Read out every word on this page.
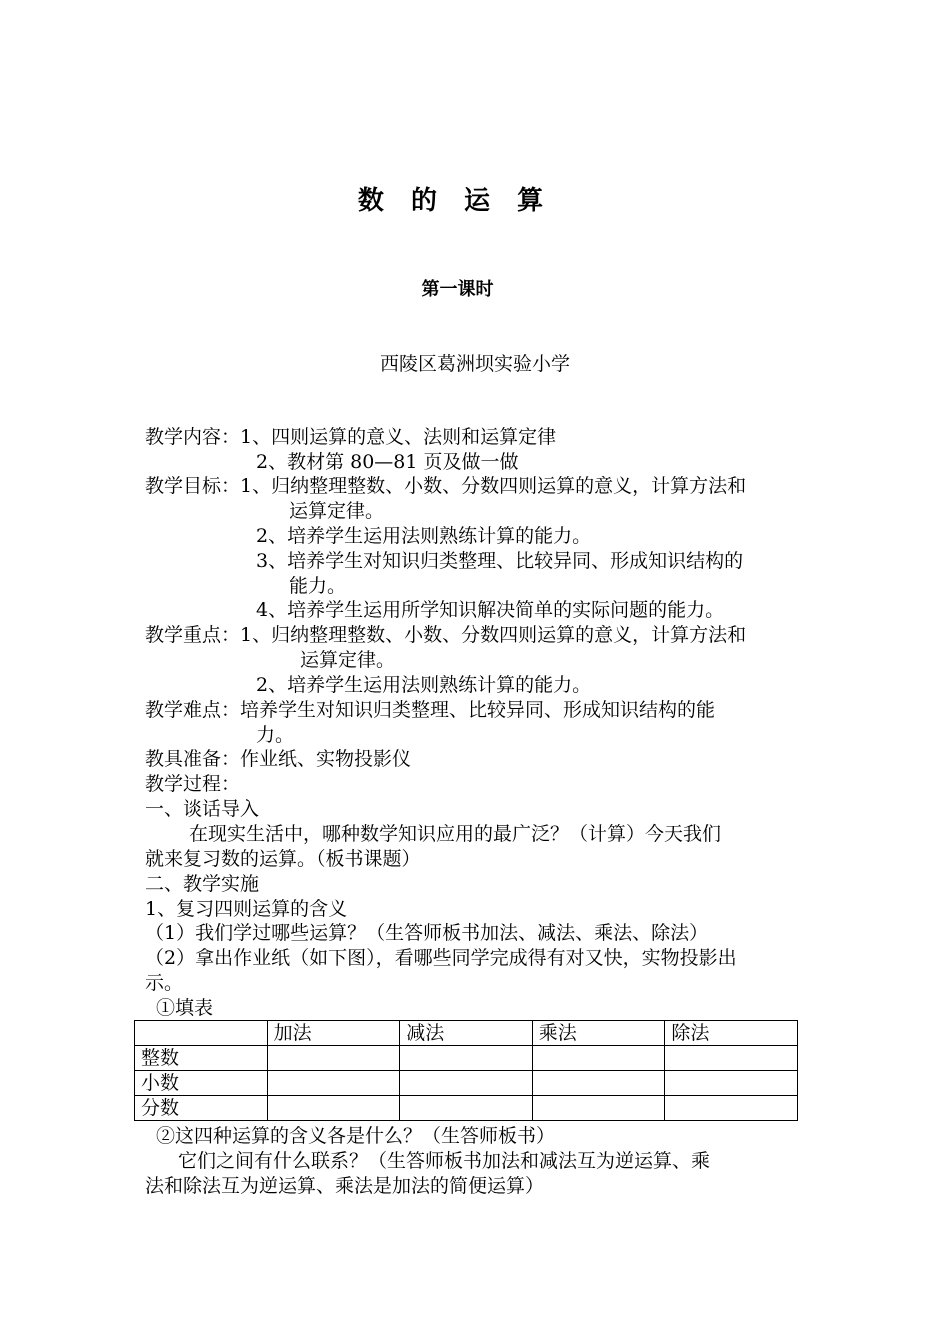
数 的 运 算
第一课时
西陵区葛洲坝实验小学
教学内容：1、四则运算的意义、法则和运算定律
2、教材第 80—81 页及做一做
教学目标：1、归纳整理整数、小数、分数四则运算的意义，计算方法和
运算定律。
2、培养学生运用法则熟练计算的能力。
3、培养学生对知识归类整理、比较异同、形成知识结构的
能力。
4、培养学生运用所学知识解决简单的实际问题的能力。
教学重点：1、归纳整理整数、小数、分数四则运算的意义，计算方法和
运算定律。
2、培养学生运用法则熟练计算的能力。
教学难点：培养学生对知识归类整理、比较异同、形成知识结构的能
力。
教具准备：作业纸、实物投影仪
教学过程：
一、谈话导入
在现实生活中，哪种数学知识应用的最广泛？（计算）今天我们
就来复习数的运算。（板书课题）
二、教学实施
1、复习四则运算的含义
（1）我们学过哪些运算？（生答师板书加法、减法、乘法、除法）
（2）拿出作业纸（如下图），看哪些同学完成得有对又快，实物投影出
示。
①填表
	加法	减法	乘法	除法
整数				
小数				
分数				
②这四种运算的含义各是什么？（生答师板书）
它们之间有什么联系？（生答师板书加法和减法互为逆运算、乘
法和除法互为逆运算、乘法是加法的简便运算）
